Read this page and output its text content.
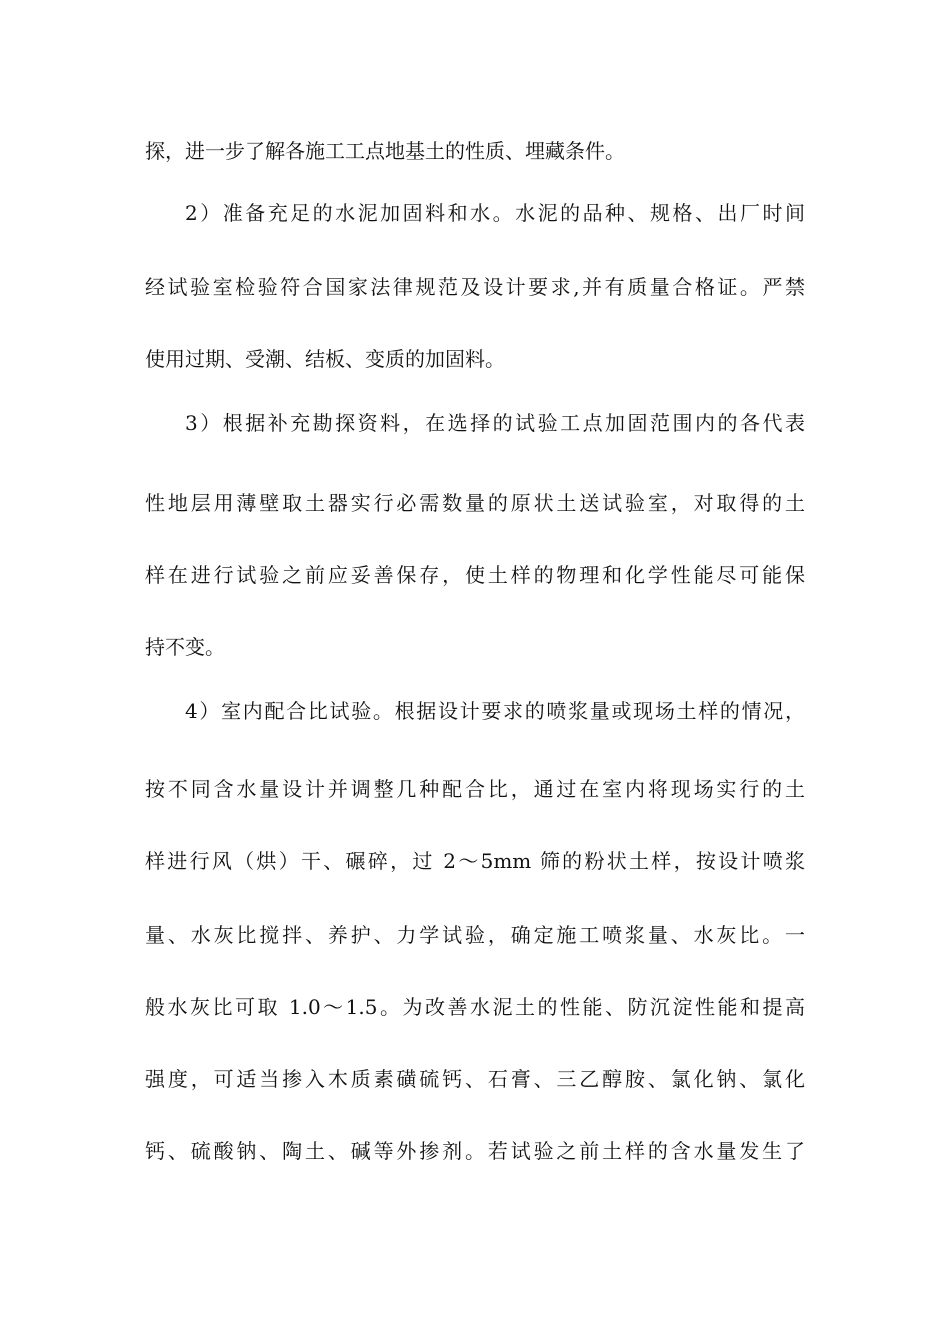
探，进一步了解各施工工点地基土的性质、埋藏条件。
2）准备充足的水泥加固料和水。水泥的品种、规格、出厂时间
经试验室检验符合国家法律规范及设计要求,并有质量合格证。严禁
使用过期、受潮、结板、变质的加固料。
3）根据补充勘探资料，在选择的试验工点加固范围内的各代表
性地层用薄壁取土器实行必需数量的原状土送试验室，对取得的土
样在进行试验之前应妥善保存，使土样的物理和化学性能尽可能保
持不变。
4）室内配合比试验。根据设计要求的喷浆量或现场土样的情况，
按不同含水量设计并调整几种配合比，通过在室内将现场实行的土
样进行风（烘）干、碾碎，过 2～5mm 筛的粉状土样，按设计喷浆
量、水灰比搅拌、养护、力学试验，确定施工喷浆量、水灰比。一
般水灰比可取 1.0～1.5。为改善水泥土的性能、防沉淀性能和提高
强度，可适当掺入木质素磺硫钙、石膏、三乙醇胺、氯化钠、氯化
钙、硫酸钠、陶土、碱等外掺剂。若试验之前土样的含水量发生了
